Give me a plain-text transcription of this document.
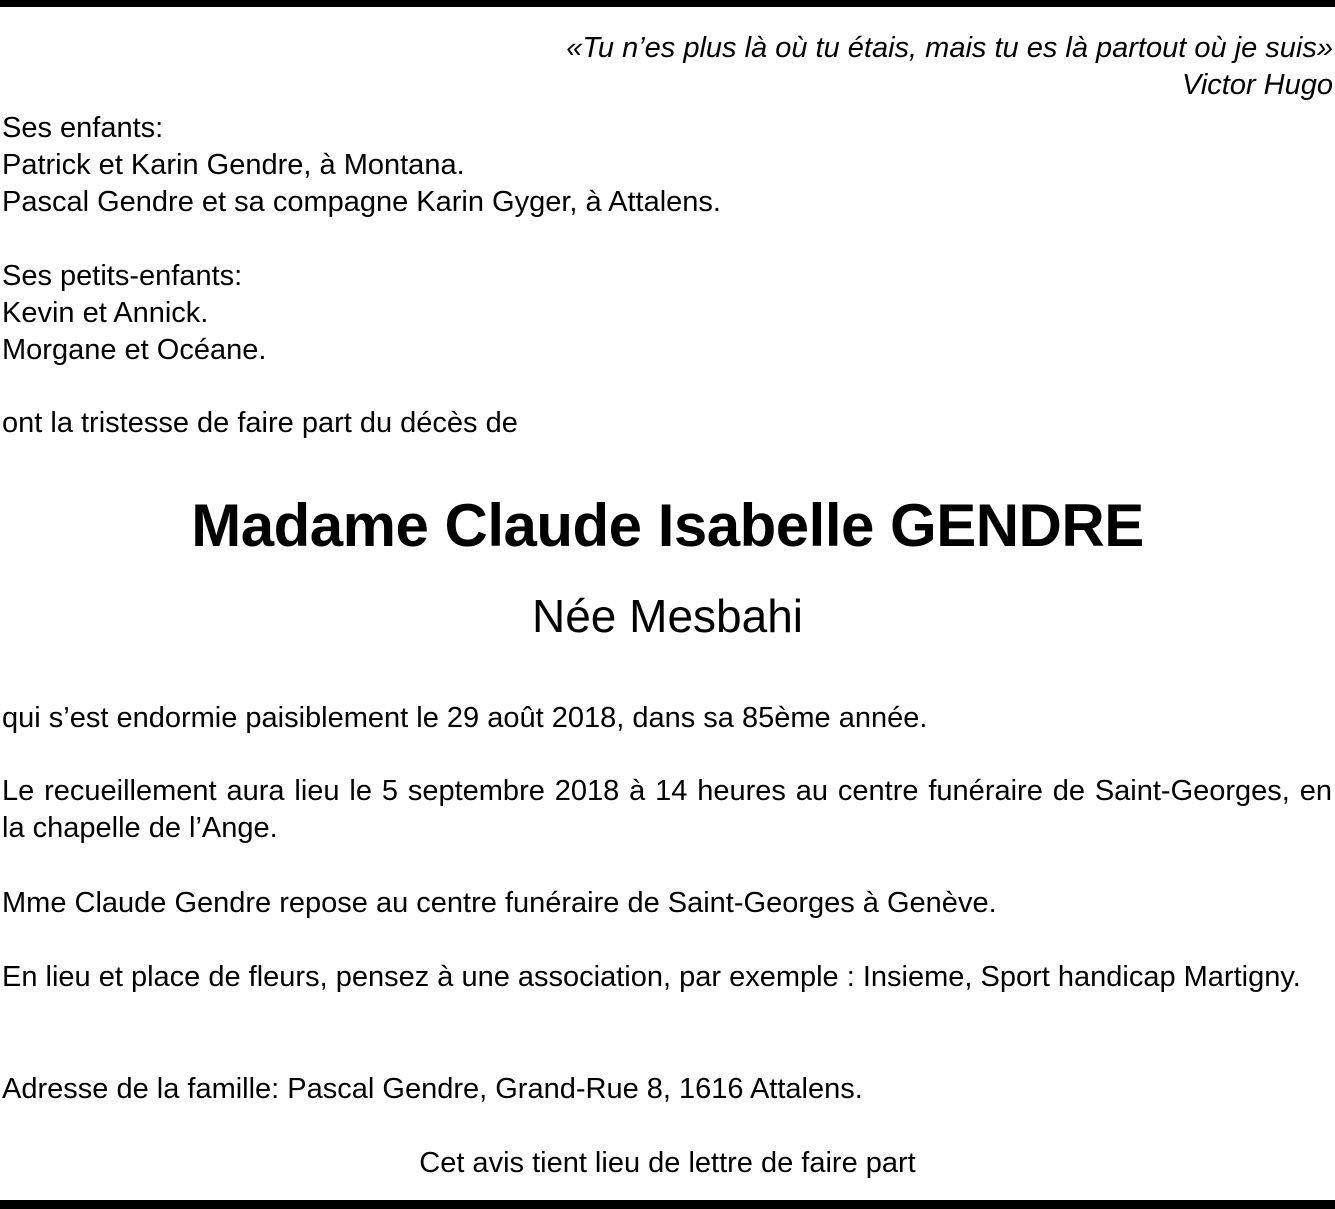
«Tu n’es plus là où tu étais, mais tu es là partout où je suis»
Victor Hugo
Ses enfants:
Patrick et Karin Gendre, à Montana.
Pascal Gendre et sa compagne Karin Gyger, à Attalens.
Ses petits-enfants:
Kevin et Annick.
Morgane et Océane.
ont la tristesse de faire part du décès de
Madame Claude Isabelle GENDRE
Née Mesbahi
qui s’est endormie paisiblement le 29 août 2018, dans sa 85ème année.
Le recueillement aura lieu le 5 septembre 2018 à 14 heures au centre funéraire de Saint-Georges, en la chapelle de l’Ange.
Mme Claude Gendre repose au centre funéraire de Saint-Georges à Genève.
En lieu et place de fleurs, pensez à une association, par exemple : Insieme, Sport handicap Martigny.
Adresse de la famille: Pascal Gendre, Grand-Rue 8, 1616 Attalens.
Cet avis tient lieu de lettre de faire part
